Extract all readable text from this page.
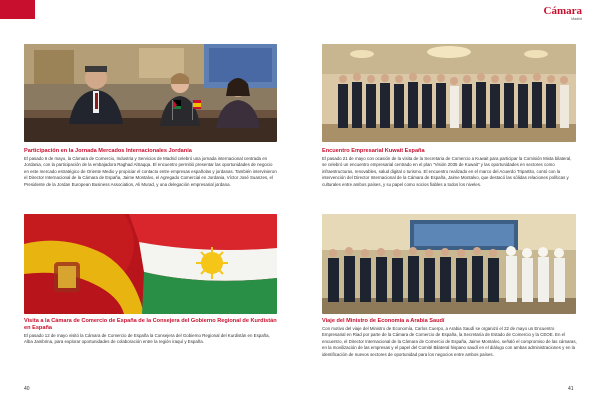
Cámara
Madrid
Participación en la Jornada Mercados Internacionales Jordania

El pasado 6 de mayo, la Cámara de Comercio, Industria y Servicios de Madrid celebró una jornada internacional centrada en Jordania, con la participación de la embajadora Raghad AlSaqqa. El encuentro permitió presentar las oportunidades de negocio en este mercado estratégico de Oriente Medio y propiciar el contacto entre empresas españolas y jordanas. También intervinieron el Director Internacional de la Cámara de España, Jaime Montalvo, el Agregado Comercial en Jordania, Víctor José Suanzes, el Presidente de la Jordan European Business Association, Ali Murad, y una delegación empresarial jordana.

Visita a la Cámara de Comercio de España de la Consejera del Gobierno Regional de Kurdistán en España

El pasado 12 de mayo visitó la Cámara de Comercio de España la Consejera del Gobierno Regional del Kurdistán en España, Alba Jambrina, para explorar oportunidades de colaboración entre la región iraquí y España.

Encuentro Empresarial Kuwait España

El pasado 21 de mayo con ocasión de la visita de la Secretaria de Comercio a Kuwait para participar la Comisión Mixta bilateral, se celebró un encuentro empresarial centrado en el plan "Visión 2035 de Kuwait" y las oportunidades en sectores como infraestructuras, renovables, salud digital o turismo. El encuentro realizado en el marco del Acuerdo Tripartito, contó con la intervención del Director Internacional de la Cámara de España, Jaime Montalvo, que destacó las sólidas relaciones políticas y culturales entre ambos países, y su papel como socios fiables a todos los niveles.

Viaje del Ministro de Economía a Arabia Saudí

Con motivo del viaje del Ministro de Economía, Carlos Cuerpo, a Arabia Saudí se organizó el 22 de mayo un Encuentro Empresarial en Riad por parte de la Cámara de Comercio de España, la Secretaría de Estado de Comercio y la CEOE. En el encuentro, el Director Internacional de la Cámara de Comercio de España, Jaime Montalvo, señaló el compromiso de las cámaras, en la movilización de las empresas y el papel del Comité Bilateral hispano saudí en el diálogo con ambas administraciones y en la identificación de nuevos sectores de oportunidad para los negocios entre ambos países.

40	41
